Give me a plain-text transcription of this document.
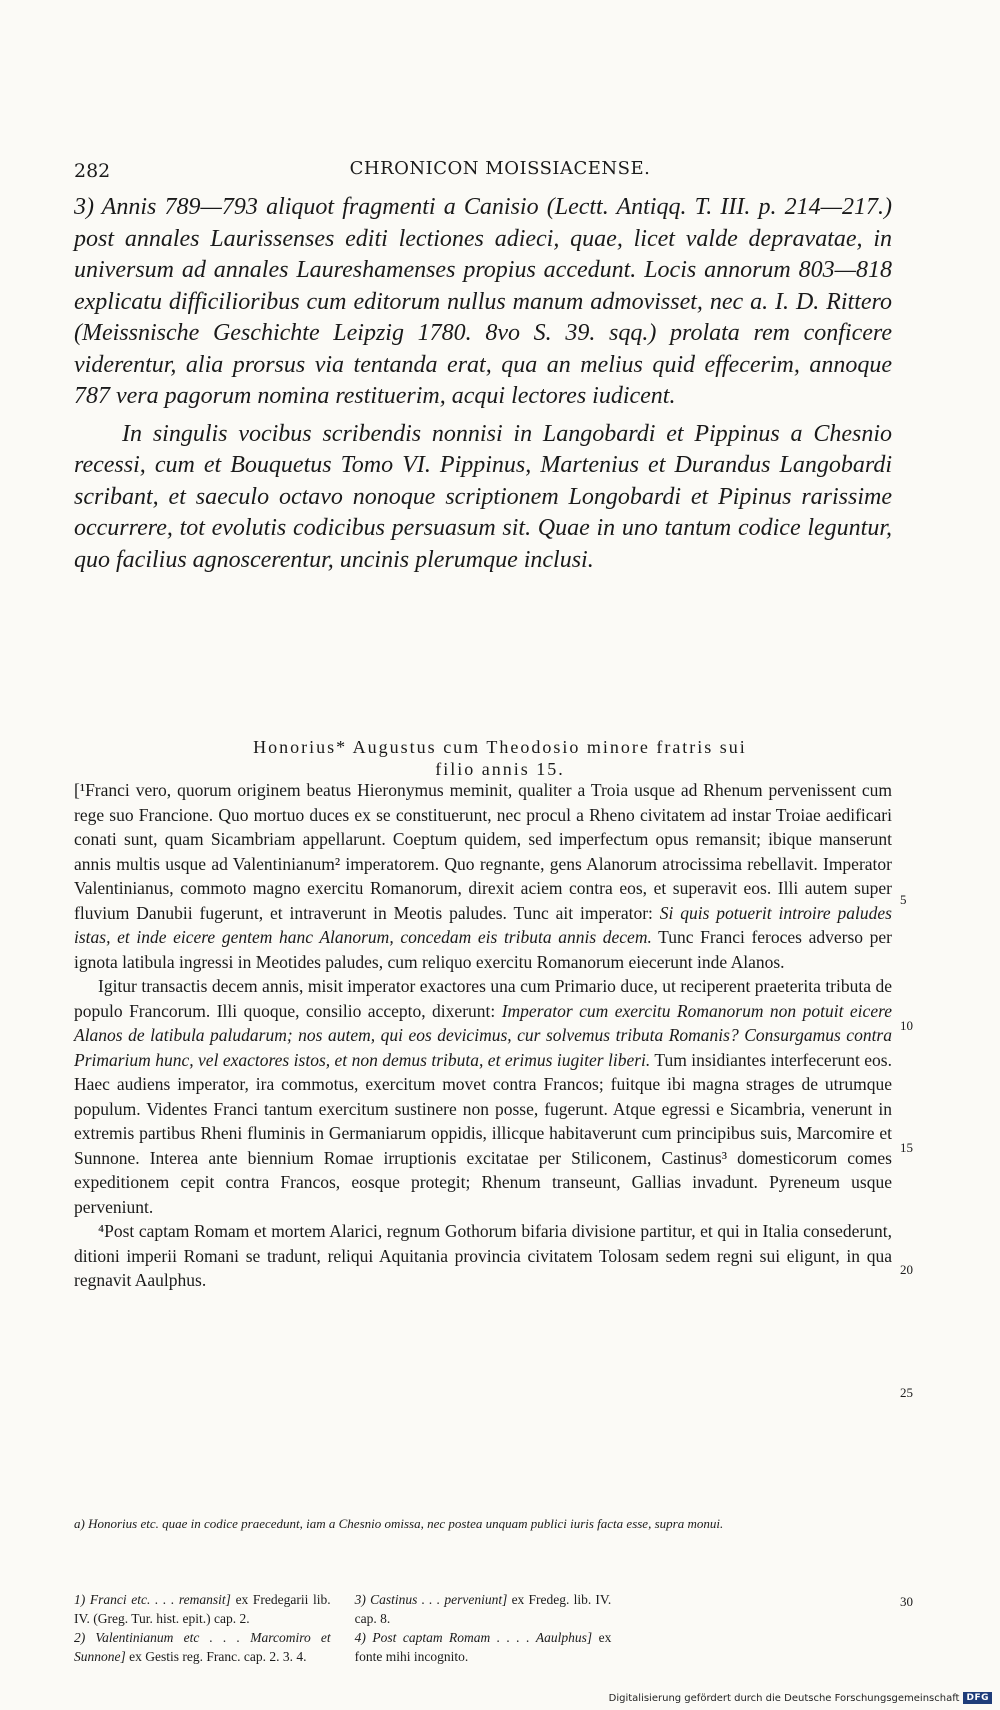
282	CHRONICON MOISSIACENSE.

3) Annis 789—793 aliquot fragmenti a Canisio (Lectt. Antiqq. T. III. p. 214—217.) post annales Laurissenses editi lectiones adieci, quae, licet valde depravatae, in universum ad annales Laureshamenses propius accedunt. Locis annorum 803—818 explicatu difficilioribus cum editorum nullus manum admovisset, nec a. I. D. Rittero (Meissnische Geschichte Leipzig 1780. 8vo S. 39. sqq.) prolata rem conficere viderentur, alia prorsus via tentanda erat, qua an melius quid effecerim, annoque 787 vera pagorum nomina restituerim, acqui lectores iudicent.

In singulis vocibus scribendis nonnisi in Langobardi et Pippinus a Chesnio recessi, cum et Bouquetus Tomo VI. Pippinus, Martenius et Durandus Langobardi scribant, et saeculo octavo nonoque scriptionem Longobardi et Pipinus rarissime occurrere, tot evolutis codicibus persuasum sit. Quae in uno tantum codice leguntur, quo facilius agnoscerentur, uncinis plerumque inclusi.

Honorius* Augustus cum Theodosio minore fratris sui
filio annis 15.

[¹Franci vero, quorum originem beatus Hieronymus meminit, qualiter a Troia usque ad Rhenum pervenissent cum rege suo Francione. Quo mortuo duces ex se constituerunt, nec procul a Rheno civitatem ad instar Troiae aedificari conati sunt, quam Sicambriam appellarunt. Coeptum quidem, sed imperfectum opus remansit; ibique manserunt annis multis usque ad Valentinianum² imperatorem. Quo regnante, gens Alanorum atrocissima rebellavit. Imperator Valentinianus, commoto magno exercitu Romanorum, direxit aciem contra eos, et superavit eos. Illi autem super fluvium Danubii fugerunt, et intraverunt in Meotis paludes. Tunc ait imperator: Si quis potuerit introire paludes istas, et inde eicere gentem hanc Alanorum, concedam eis tributa annis decem. Tunc Franci feroces adverso per ignota latibula ingressi in Meotides paludes, cum reliquo exercitu Romanorum eiecerunt inde Alanos.

Igitur transactis decem annis, misit imperator exactores una cum Primario duce, ut reciperent praeterita tributa de populo Francorum. Illi quoque, consilio accepto, dixerunt: Imperator cum exercitu Romanorum non potuit eicere Alanos de latibula paludarum; nos autem, qui eos devicimus, cur solvemus tributa Romanis? Consurgamus contra Primarium hunc, vel exactores istos, et non demus tributa, et erimus iugiter liberi. Tum insidiantes interfecerunt eos. Haec audiens imperator, ira commotus, exercitum movet contra Francos; fuitque ibi magna strages de utrumque populum. Videntes Franci tantum exercitum sustinere non posse, fugerunt. Atque egressi e Sicambria, venerunt in extremis partibus Rheni fluminis in Germaniarum oppidis, illicque habitaverunt cum principibus suis, Marcomire et Sunnone. Interea ante biennium Romae irruptionis excitatae per Stiliconem, Castinus³ domesticorum comes expeditionem cepit contra Francos, eosque protegit; Rhenum transeunt, Gallias invadunt. Pyreneum usque perveniunt.

⁴Post captam Romam et mortem Alarici, regnum Gothorum bifaria divisione partitur, et qui in Italia consederunt, ditioni imperii Romani se tradunt, reliqui Aquitania provincia civitatem Tolosam sedem regni sui eligunt, in qua regnavit Aaulphus.

5
10
15
20
25
30
a) Honorius etc. quae in codice praecedunt, iam a Chesnio omissa, nec postea unquam publici iuris facta esse, supra monui.
1) Franci etc. . . . remansit] ex Fredegarii lib. IV. (Greg. Tur. hist. epit.) cap. 2.
2) Valentinianum etc . . . Marcomiro et Sunnone] ex Gestis reg. Franc. cap. 2. 3. 4.
3) Castinus . . . perveniunt] ex Fredeg. lib. IV. cap. 8.
4) Post captam Romam . . . . Aaulphus] ex fonte mihi incognito.
Digitalisierung gefördert durch die Deutsche Forschungsgemeinschaft DFG
